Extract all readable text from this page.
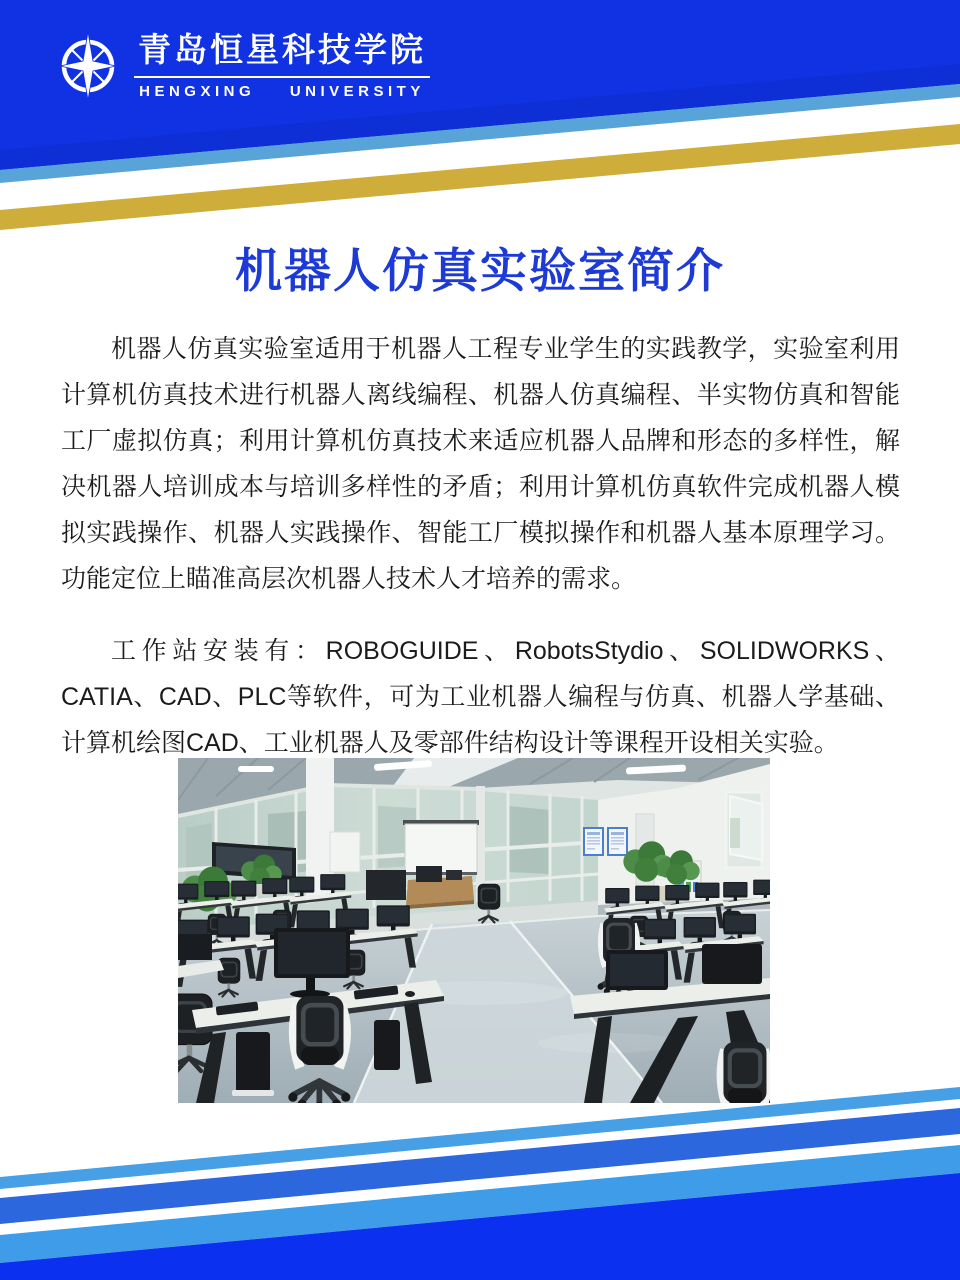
青岛恒星科技学院
HENGXING UNIVERSITY
机器人仿真实验室简介

机器人仿真实验室适用于机器人工程专业学生的实践教学，实验室利用计算机仿真技术进行机器人离线编程、机器人仿真编程、半实物仿真和智能工厂虚拟仿真；利用计算机仿真技术来适应机器人品牌和形态的多样性，解决机器人培训成本与培训多样性的矛盾；利用计算机仿真软件完成机器人模拟实践操作、机器人实践操作、智能工厂模拟操作和机器人基本原理学习。功能定位上瞄准高层次机器人技术人才培养的需求。

工作站安装有：ROBOGUIDE、RobotsStydio、SOLIDWORKS、CATIA、CAD、PLC等软件，可为工业机器人编程与仿真、机器人学基础、计算机绘图CAD、工业机器人及零部件结构设计等课程开设相关实验。
